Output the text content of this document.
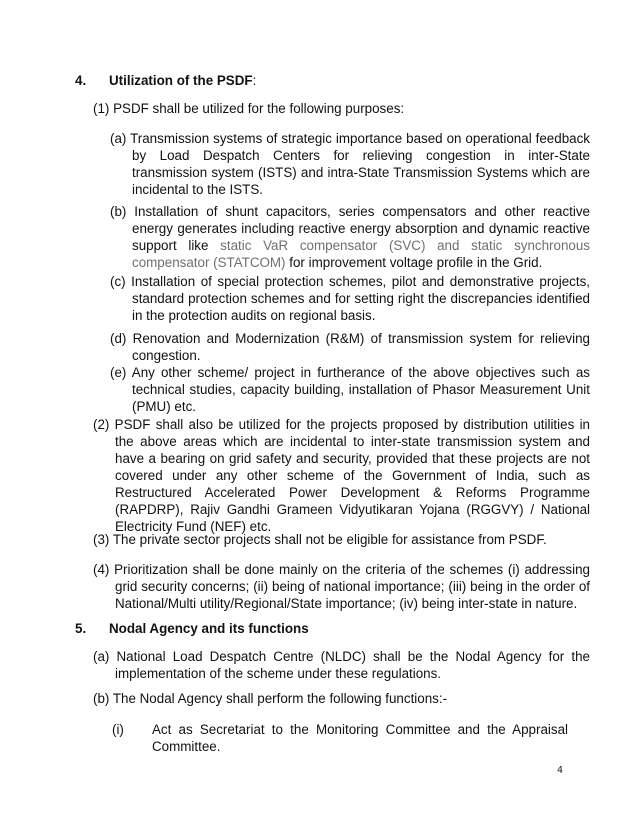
4. Utilization of the PSDF:
(1) PSDF shall be utilized for the following purposes:
(a) Transmission systems of strategic importance based on operational feedback by Load Despatch Centers for relieving congestion in inter-State transmission system (ISTS) and intra-State Transmission Systems which are incidental to the ISTS.
(b) Installation of shunt capacitors, series compensators and other reactive energy generates including reactive energy absorption and dynamic reactive support like static VaR compensator (SVC) and static synchronous compensator (STATCOM) for improvement voltage profile in the Grid.
(c) Installation of special protection schemes, pilot and demonstrative projects, standard protection schemes and for setting right the discrepancies identified in the protection audits on regional basis.
(d) Renovation and Modernization (R&M) of transmission system for relieving congestion.
(e) Any other scheme/ project in furtherance of the above objectives such as technical studies, capacity building, installation of Phasor Measurement Unit (PMU) etc.
(2) PSDF shall also be utilized for the projects proposed by distribution utilities in the above areas which are incidental to inter-state transmission system and have a bearing on grid safety and security, provided that these projects are not covered under any other scheme of the Government of India, such as Restructured Accelerated Power Development & Reforms Programme (RAPDRP), Rajiv Gandhi Grameen Vidyutikaran Yojana (RGGVY) / National Electricity Fund (NEF) etc.
(3) The private sector projects shall not be eligible for assistance from PSDF.
(4) Prioritization shall be done mainly on the criteria of the schemes (i) addressing grid security concerns; (ii) being of national importance; (iii) being in the order of National/Multi utility/Regional/State importance; (iv) being inter-state in nature.
5. Nodal Agency and its functions
(a) National Load Despatch Centre (NLDC) shall be the Nodal Agency for the implementation of the scheme under these regulations.
(b) The Nodal Agency shall perform the following functions:-
(i) Act as Secretariat to the Monitoring Committee and the Appraisal Committee.
4
